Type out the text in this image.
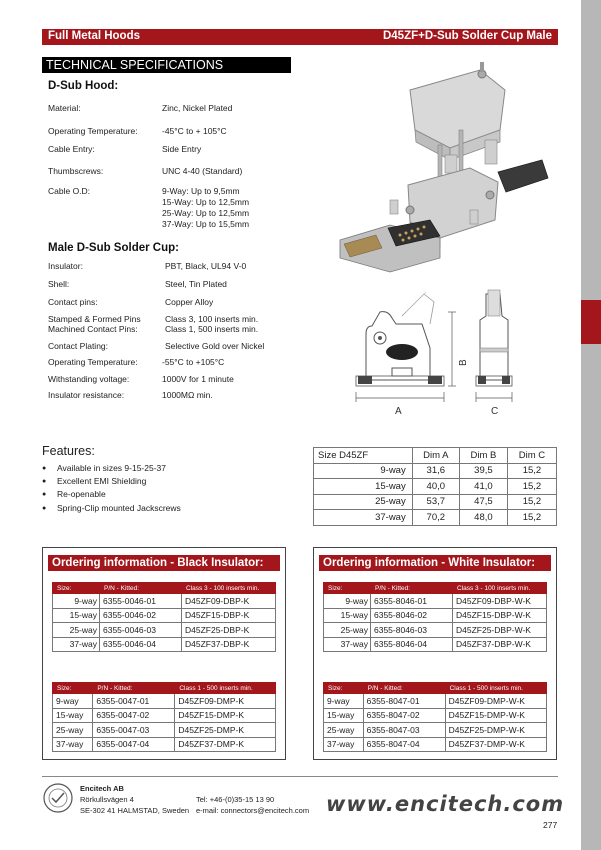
Full Metal Hoods	D45ZF+D-Sub Solder Cup Male
TECHNICAL SPECIFICATIONS
D-Sub Hood:
Material:	Zinc, Nickel Plated
Operating Temperature:	-45°C to + 105°C
Cable Entry:	Side Entry
Thumbscrews:	UNC 4-40 (Standard)
Cable O.D:	9-Way: Up to 9,5mm
15-Way: Up to 12,5mm
25-Way: Up to 12,5mm
37-Way: Up to 15,5mm
Male D-Sub Solder Cup:
Insulator:	PBT, Black, UL94 V-0
Shell:	Steel, Tin Plated
Contact pins:	Copper Alloy
Stamped & Formed Pins	Class 3, 100 inserts min.
Machined Contact Pins:	Class 1, 500 inserts min.
Contact Plating:	Selective Gold over Nickel
Operating Temperature:	-55°C to +105°C
Withstanding voltage:	1000V for 1 minute
Insulator resistance:	1000MΩ min.
A	C
B
Features:
● Available in sizes 9-15-25-37
● Excellent EMI Shielding
● Re-openable
● Spring-Clip mounted Jackscrews
Size D45ZF	Dim A	Dim B	Dim C
9-way	31,6	39,5	15,2
15-way	40,0	41,0	15,2
25-way	53,7	47,5	15,2
37-way	70,2	48,0	15,2
Ordering information - Black Insulator:
Size:	P/N - Kitted:	Class 3 - 100 inserts min.
9-way	6355-0046-01	D45ZF09-DBP-K
15-way	6355-0046-02	D45ZF15-DBP-K
25-way	6355-0046-03	D45ZF25-DBP-K
37-way	6355-0046-04	D45ZF37-DBP-K
Size:	P/N - Kitted:	Class 1 - 500 inserts min.
9-way	6355-0047-01	D45ZF09-DMP-K
15-way	6355-0047-02	D45ZF15-DMP-K
25-way	6355-0047-03	D45ZF25-DMP-K
37-way	6355-0047-04	D45ZF37-DMP-K
Ordering information - White Insulator:
Size:	P/N - Kitted:	Class 3 - 100 inserts min.
9-way	6355-8046-01	D45ZF09-DBP-W-K
15-way	6355-8046-02	D45ZF15-DBP-W-K
25-way	6355-8046-03	D45ZF25-DBP-W-K
37-way	6355-8046-04	D45ZF37-DBP-W-K
Size:	P/N - Kitted:	Class 1 - 500 inserts min.
9-way	6355-8047-01	D45ZF09-DMP-W-K
15-way	6355-8047-02	D45ZF15-DMP-W-K
25-way	6355-8047-03	D45ZF25-DMP-W-K
37-way	6355-8047-04	D45ZF37-DMP-W-K
Encitech AB
Rörkullsvägen 4
SE-302 41 HALMSTAD, Sweden
Tel: +46-(0)35-15 13 90
e-mail: connectors@encitech.com www.encitech.com
277
